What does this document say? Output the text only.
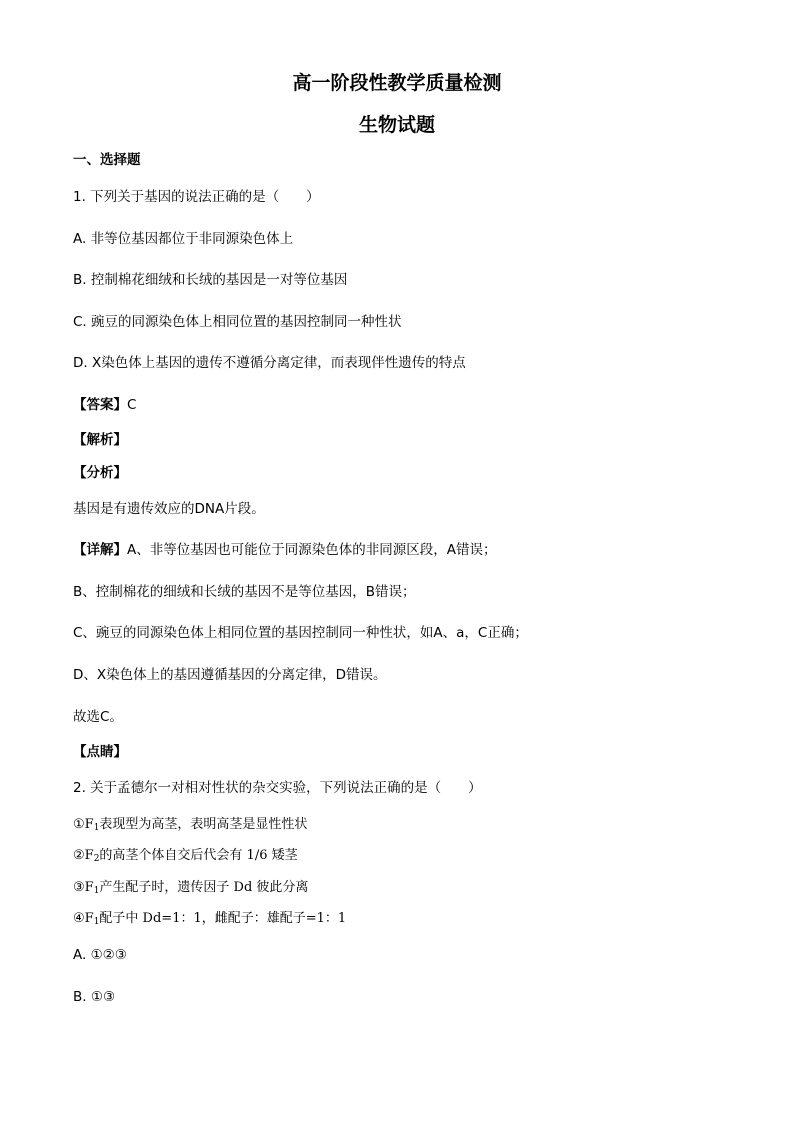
高一阶段性教学质量检测
生物试题
一、选择题
1. 下列关于基因的说法正确的是（　　）
A. 非等位基因都位于非同源染色体上
B. 控制棉花细绒和长绒的基因是一对等位基因
C. 豌豆的同源染色体上相同位置的基因控制同一种性状
D. X染色体上基因的遗传不遵循分离定律，而表现伴性遗传的特点
【答案】C
【解析】
【分析】
基因是有遗传效应的DNA片段。
【详解】A、非等位基因也可能位于同源染色体的非同源区段，A错误；
B、控制棉花的细绒和长绒的基因不是等位基因，B错误；
C、豌豆的同源染色体上相同位置的基因控制同一种性状，如A、a，C正确；
D、X染色体上的基因遵循基因的分离定律，D错误。
故选C。
【点睛】
2. 关于孟德尔一对相对性状的杂交实验，下列说法正确的是（　　）
$①F_1$表现型为高茎，表明高茎是显性性状
$②F_2$的高茎个体自交后代会有 1/6 矮茎
$③F_1$产生配子时，遗传因子 Dd 彼此分离
$④F_1$配子中 Dd=1：1，雌配子：雄配子=1：1
A. ①②③
B. ①③
